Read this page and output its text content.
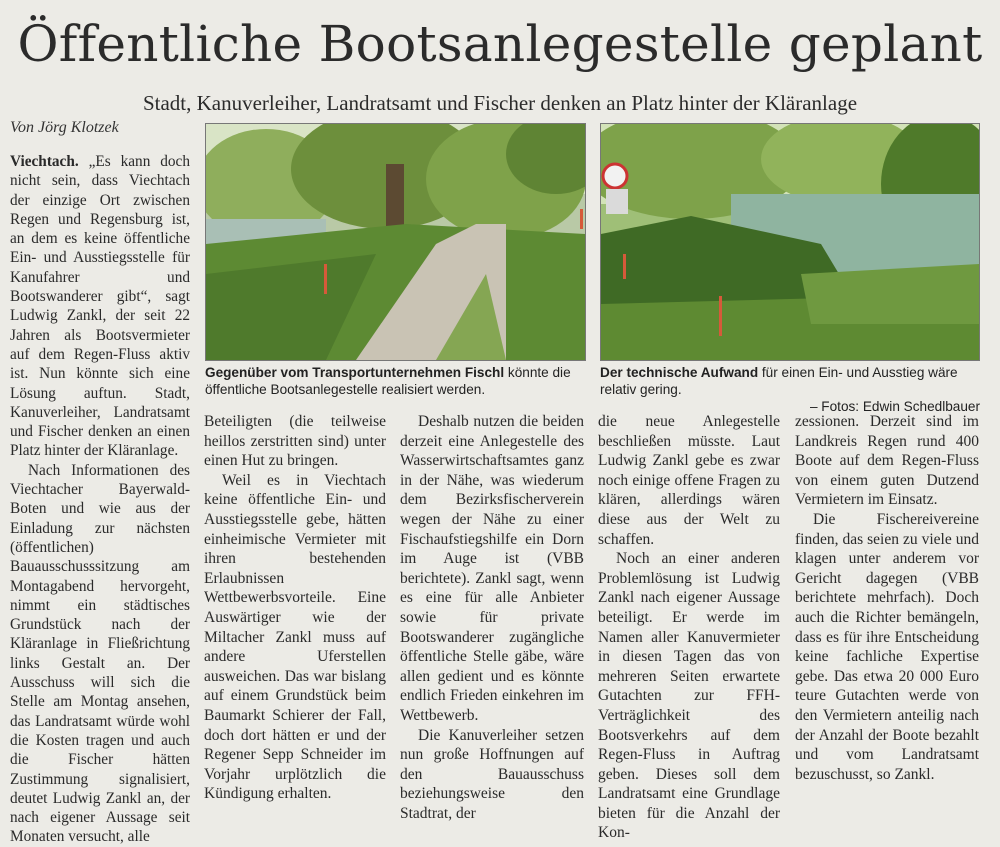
Öffentliche Bootsanlegestelle geplant
Stadt, Kanuverleiher, Landratsamt und Fischer denken an Platz hinter der Kläranlage
Von Jörg Klotzek
Gegenüber vom Transportunternehmen Fischl könnte die öffentliche Bootsanlegestelle realisiert werden.
Der technische Aufwand für einen Ein- und Ausstieg wäre relativ gering.
– Fotos: Edwin Schedlbauer

Viechtach. „Es kann doch nicht sein, dass Viechtach der einzige Ort zwischen Regen und Regensburg ist, an dem es keine öffentliche Ein- und Ausstiegsstelle für Kanufahrer und Bootswanderer gibt“, sagt Ludwig Zankl, der seit 22 Jahren als Bootsvermieter auf dem Regen-Fluss aktiv ist. Nun könnte sich eine Lösung auftun. Stadt, Kanuverleiher, Landratsamt und Fischer denken an einen Platz hinter der Kläranlage.

Nach Informationen des Viechtacher Bayerwald-Boten und wie aus der Einladung zur nächsten (öffentlichen) Bauausschusssitzung am Montagabend hervorgeht, nimmt ein städtisches Grundstück nach der Kläranlage in Fließrichtung links Gestalt an. Der Ausschuss will sich die Stelle am Montag ansehen, das Landratsamt würde wohl die Kosten tragen und auch die Fischer hätten Zustimmung signalisiert, deutet Ludwig Zankl an, der nach eigener Aussage seit Monaten versucht, alle

Beteiligten (die teilweise heillos zerstritten sind) unter einen Hut zu bringen.

Weil es in Viechtach keine öffentliche Ein- und Ausstiegsstelle gebe, hätten einheimische Vermieter mit ihren bestehenden Erlaubnissen Wettbewerbsvorteile. Eine Auswärtiger wie der Miltacher Zankl muss auf andere Uferstellen ausweichen. Das war bislang auf einem Grundstück beim Baumarkt Schierer der Fall, doch dort hätten er und der Regener Sepp Schneider im Vorjahr urplötzlich die Kündigung erhalten.

Deshalb nutzen die beiden derzeit eine Anlegestelle des Wasserwirtschaftsamtes ganz in der Nähe, was wiederum dem Bezirksfischerverein wegen der Nähe zu einer Fischaufstiegshilfe ein Dorn im Auge ist (VBB berichtete). Zankl sagt, wenn es eine für alle Anbieter sowie für private Bootswanderer zugängliche öffentliche Stelle gäbe, wäre allen gedient und es könnte endlich Frieden einkehren im Wettbewerb.

Die Kanuverleiher setzen nun große Hoffnungen auf den Bauausschuss beziehungsweise den Stadtrat, der

die neue Anlegestelle beschließen müsste. Laut Ludwig Zankl gebe es zwar noch einige offene Fragen zu klären, allerdings wären diese aus der Welt zu schaffen.

Noch an einer anderen Problemlösung ist Ludwig Zankl nach eigener Aussage beteiligt. Er werde im Namen aller Kanuvermieter in diesen Tagen das von mehreren Seiten erwartete Gutachten zur FFH-Verträglichkeit des Bootsverkehrs auf dem Regen-Fluss in Auftrag geben. Dieses soll dem Landratsamt eine Grundlage bieten für die Anzahl der Kon-

zessionen. Derzeit sind im Landkreis Regen rund 400 Boote auf dem Regen-Fluss von einem guten Dutzend Vermietern im Einsatz.

Die Fischereivereine finden, das seien zu viele und klagen unter anderem vor Gericht dagegen (VBB berichtete mehrfach). Doch auch die Richter bemängeln, dass es für ihre Entscheidung keine fachliche Expertise gebe. Das etwa 20 000 Euro teure Gutachten werde von den Vermietern anteilig nach der Anzahl der Boote bezahlt und vom Landratsamt bezuschusst, so Zankl.
